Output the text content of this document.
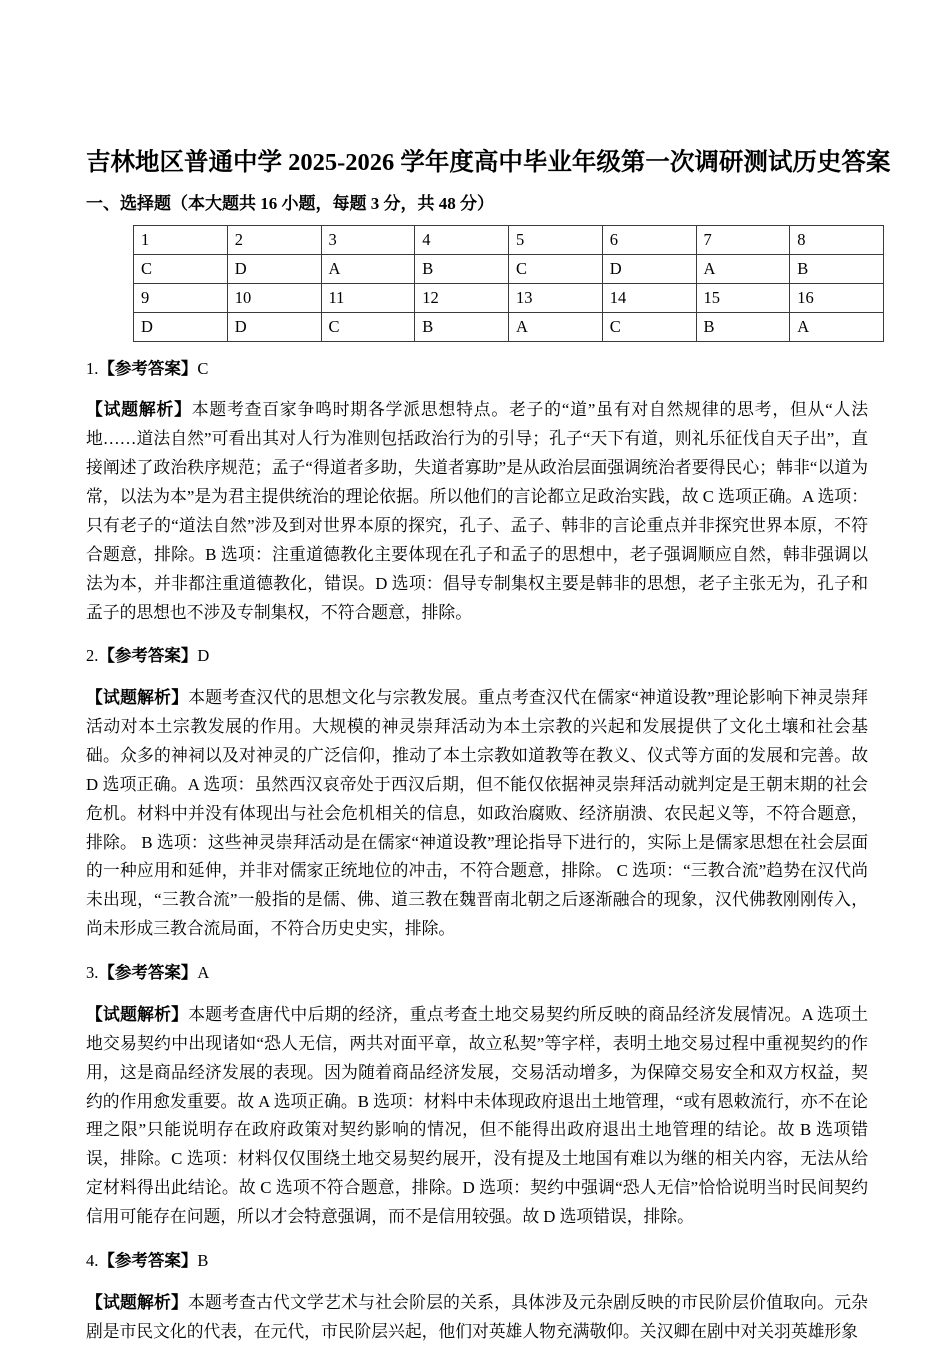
吉林地区普通中学 2025-2026 学年度高中毕业年级第一次调研测试历史答案
一、选择题（本大题共 16 小题，每题 3 分，共 48 分）
1	2	3	4	5	6	7	8
C	D	A	B	C	D	A	B
9	10	11	12	13	14	15	16
D	D	C	B	A	C	B	A
1.【参考答案】C
【试题解析】本题考查百家争鸣时期各学派思想特点。老子的“道”虽有对自然规律的思考，但从“人法地……道法自然”可看出其对人行为准则包括政治行为的引导；孔子“天下有道，则礼乐征伐自天子出”，直接阐述了政治秩序规范；孟子“得道者多助，失道者寡助”是从政治层面强调统治者要得民心；韩非“以道为常，以法为本”是为君主提供统治的理论依据。所以他们的言论都立足政治实践，故 C 选项正确。A 选项：只有老子的“道法自然”涉及到对世界本原的探究，孔子、孟子、韩非的言论重点并非探究世界本原，不符合题意，排除。B 选项：注重道德教化主要体现在孔子和孟子的思想中，老子强调顺应自然，韩非强调以法为本，并非都注重道德教化，错误。D 选项：倡导专制集权主要是韩非的思想，老子主张无为，孔子和孟子的思想也不涉及专制集权，不符合题意，排除。
2.【参考答案】D
【试题解析】本题考查汉代的思想文化与宗教发展。重点考查汉代在儒家“神道设教”理论影响下神灵崇拜活动对本土宗教发展的作用。大规模的神灵崇拜活动为本土宗教的兴起和发展提供了文化土壤和社会基础。众多的神祠以及对神灵的广泛信仰，推动了本土宗教如道教等在教义、仪式等方面的发展和完善。故 D 选项正确。A 选项：虽然西汉哀帝处于西汉后期，但不能仅依据神灵崇拜活动就判定是王朝末期的社会危机。材料中并没有体现出与社会危机相关的信息，如政治腐败、经济崩溃、农民起义等，不符合题意，排除。 B 选项：这些神灵崇拜活动是在儒家“神道设教”理论指导下进行的，实际上是儒家思想在社会层面的一种应用和延伸，并非对儒家正统地位的冲击，不符合题意，排除。 C 选项：“三教合流”趋势在汉代尚未出现，“三教合流”一般指的是儒、佛、道三教在魏晋南北朝之后逐渐融合的现象，汉代佛教刚刚传入，尚未形成三教合流局面，不符合历史史实，排除。
3.【参考答案】A
【试题解析】本题考查唐代中后期的经济，重点考查土地交易契约所反映的商品经济发展情况。A 选项土地交易契约中出现诸如“恐人无信，两共对面平章，故立私契”等字样，表明土地交易过程中重视契约的作用，这是商品经济发展的表现。因为随着商品经济发展，交易活动增多，为保障交易安全和双方权益，契约的作用愈发重要。故 A 选项正确。B 选项：材料中未体现政府退出土地管理，“或有恩敕流行，亦不在论理之限”只能说明存在政府政策对契约影响的情况，但不能得出政府退出土地管理的结论。故 B 选项错误，排除。C 选项：材料仅仅围绕土地交易契约展开，没有提及土地国有难以为继的相关内容，无法从给定材料得出此结论。故 C 选项不符合题意，排除。D 选项：契约中强调“恐人无信”恰恰说明当时民间契约信用可能存在问题，所以才会特意强调，而不是信用较强。故 D 选项错误，排除。
4.【参考答案】B
【试题解析】本题考查古代文学艺术与社会阶层的关系，具体涉及元杂剧反映的市民阶层价值取向。元杂剧是市民文化的代表，在元代，市民阶层兴起，他们对英雄人物充满敬仰。关汉卿在剧中对关羽英雄形象
